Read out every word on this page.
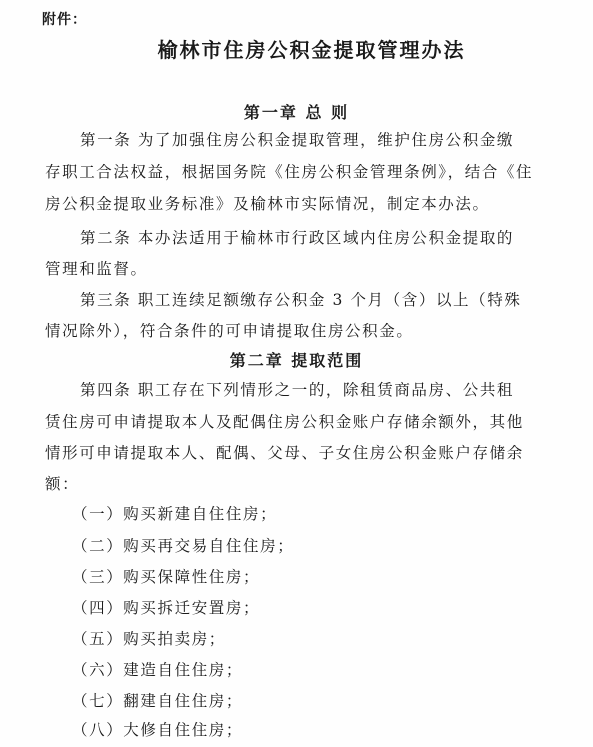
附件：
榆林市住房公积金提取管理办法
第一章 总 则
第一条 为了加强住房公积金提取管理，维护住房公积金缴
存职工合法权益，根据国务院《住房公积金管理条例》，结合《住
房公积金提取业务标准》及榆林市实际情况，制定本办法。
第二条 本办法适用于榆林市行政区域内住房公积金提取的
管理和监督。
第三条 职工连续足额缴存公积金 3 个月（含）以上（特殊
情况除外），符合条件的可申请提取住房公积金。
第二章 提取范围
第四条 职工存在下列情形之一的，除租赁商品房、公共租
赁住房可申请提取本人及配偶住房公积金账户存储余额外，其他
情形可申请提取本人、配偶、父母、子女住房公积金账户存储余
额：
（一）购买新建自住住房；
（二）购买再交易自住住房；
（三）购买保障性住房；
（四）购买拆迁安置房；
（五）购买拍卖房；
（六）建造自住住房；
（七）翻建自住住房；
（八）大修自住住房；
